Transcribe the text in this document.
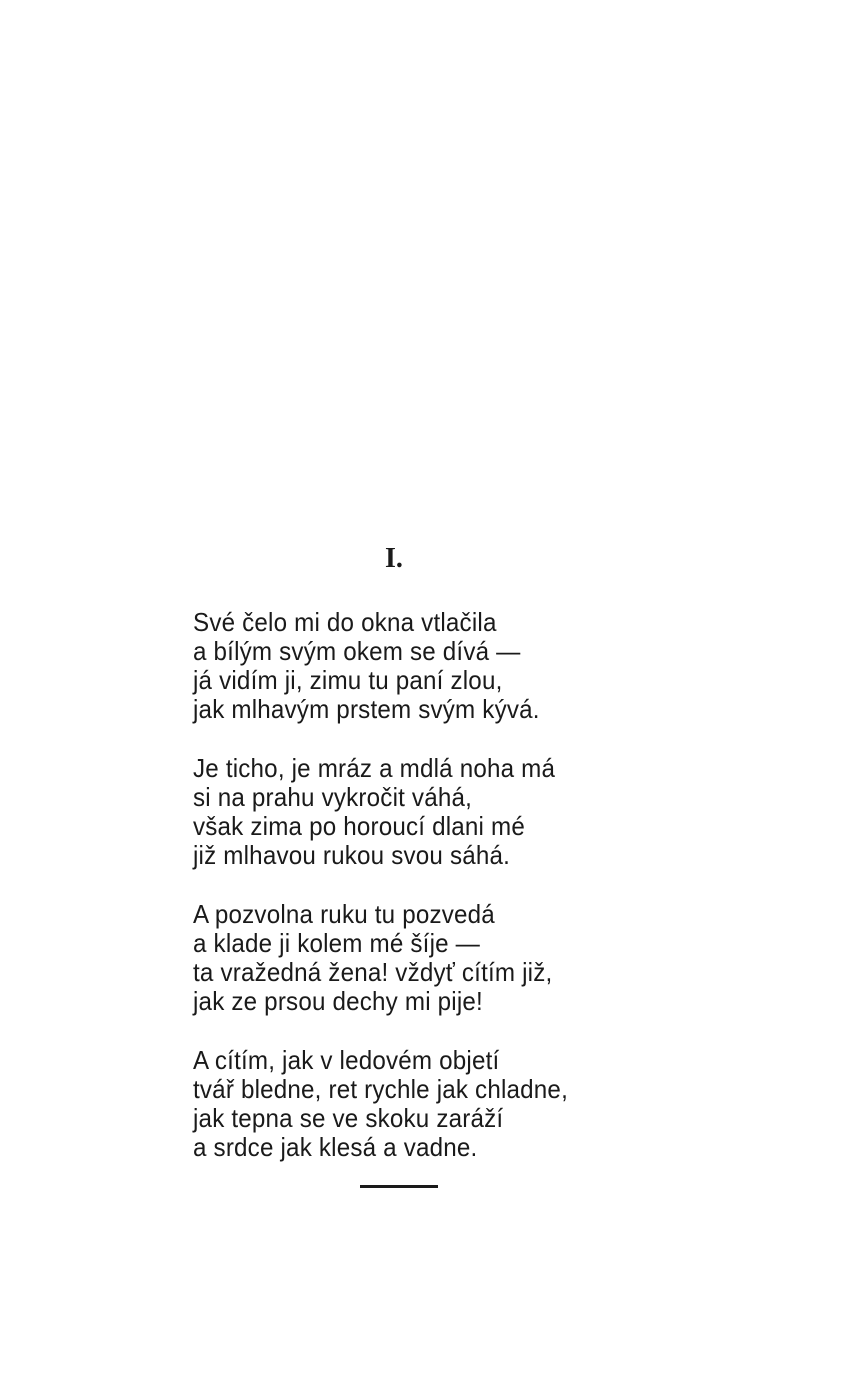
I.
Své čelo mi do okna vtlačila
a bílým svým okem se dívá —
já vidím ji, zimu tu paní zlou,
jak mlhavým prstem svým kývá.
Je ticho, je mráz a mdlá noha má
si na prahu vykročit váhá,
však zima po horoucí dlani mé
již mlhavou rukou svou sáhá.
A pozvolna ruku tu pozvedá
a klade ji kolem mé šíje —
ta vražedná žena! vždyť cítím již,
jak ze prsou dechy mi pije!
A cítím, jak v ledovém objetí
tvář bledne, ret rychle jak chladne,
jak tepna se ve skoku zaráží
a srdce jak klesá a vadne.
